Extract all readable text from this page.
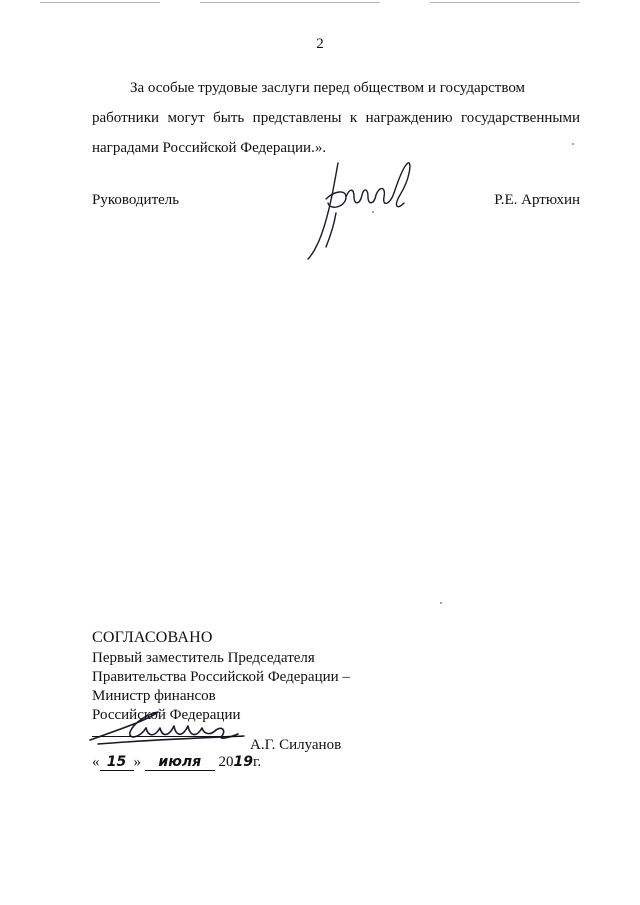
2

За особые трудовые заслуги перед обществом и государством

работники могут быть представлены к награждению государственными
наградами Российской Федерации.».
Руководитель	Р.Е. Артюхин
СОГЛАСОВАНО
Первый заместитель Председателя
Правительства Российской Федерации –
Министр финансов
Российской Федерации
А.Г. Силуанов
« 15 » июля 2019г.
